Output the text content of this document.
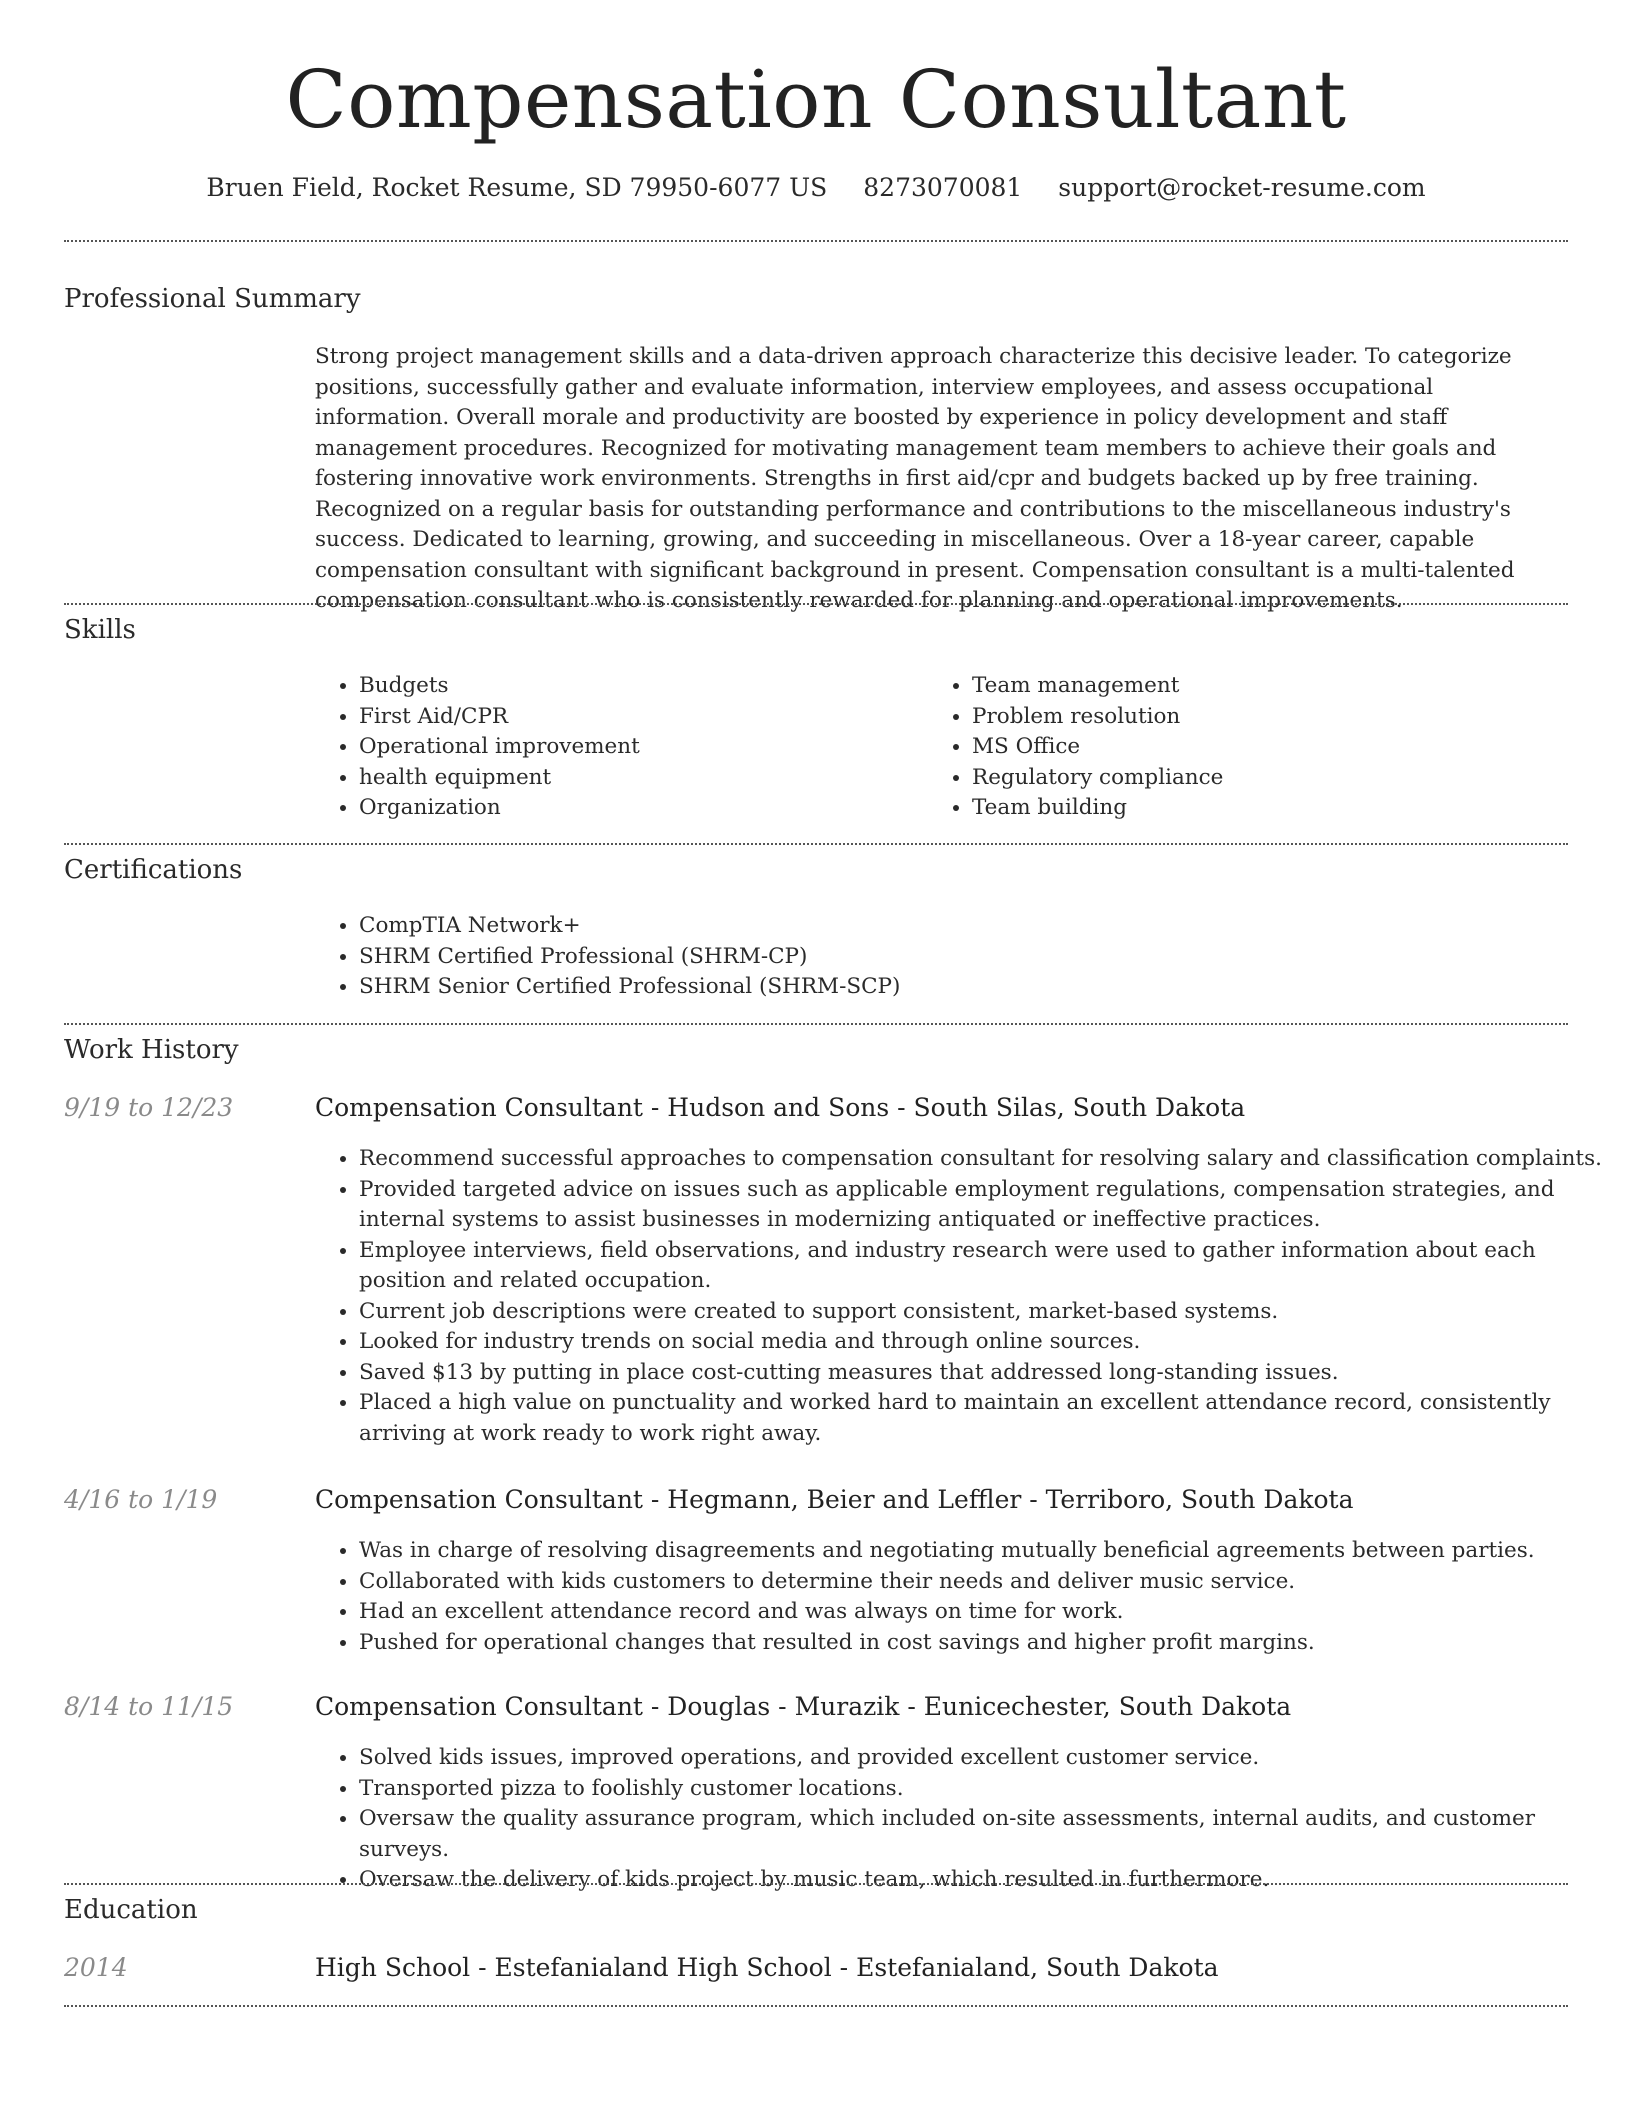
Compensation Consultant
Bruen Field, Rocket Resume, SD 79950-6077 US 8273070081 support@rocket-resume.com
Professional Summary

Strong project management skills and a data-driven approach characterize this decisive leader. To categorize positions, successfully gather and evaluate information, interview employees, and assess occupational information. Overall morale and productivity are boosted by experience in policy development and staff management procedures. Recognized for motivating management team members to achieve their goals and fostering innovative work environments. Strengths in first aid/cpr and budgets backed up by free training. Recognized on a regular basis for outstanding performance and contributions to the miscellaneous industry's success. Dedicated to learning, growing, and succeeding in miscellaneous. Over a 18-year career, capable compensation consultant with significant background in present. Compensation consultant is a multi-talented compensation consultant who is consistently rewarded for planning and operational improvements.

Skills
• Budgets
• First Aid/CPR
• Operational improvement
• health equipment
• Organization
• Team management
• Problem resolution
• MS Office
• Regulatory compliance
• Team building
Certifications
• CompTIA Network+
• SHRM Certified Professional (SHRM-CP)
• SHRM Senior Certified Professional (SHRM-SCP)
Work History
9/19 to 12/23	Compensation Consultant - Hudson and Sons - South Silas, South Dakota
• Recommend successful approaches to compensation consultant for resolving salary and classification complaints.
• Provided targeted advice on issues such as applicable employment regulations, compensation strategies, and internal systems to assist businesses in modernizing antiquated or ineffective practices.
• Employee interviews, field observations, and industry research were used to gather information about each position and related occupation.
• Current job descriptions were created to support consistent, market-based systems.
• Looked for industry trends on social media and through online sources.
• Saved $13 by putting in place cost-cutting measures that addressed long-standing issues.
• Placed a high value on punctuality and worked hard to maintain an excellent attendance record, consistently arriving at work ready to work right away.
4/16 to 1/19	Compensation Consultant - Hegmann, Beier and Leffler - Terriboro, South Dakota
• Was in charge of resolving disagreements and negotiating mutually beneficial agreements between parties.
• Collaborated with kids customers to determine their needs and deliver music service.
• Had an excellent attendance record and was always on time for work.
• Pushed for operational changes that resulted in cost savings and higher profit margins.
8/14 to 11/15	Compensation Consultant - Douglas - Murazik - Eunicechester, South Dakota
• Solved kids issues, improved operations, and provided excellent customer service.
• Transported pizza to foolishly customer locations.
• Oversaw the quality assurance program, which included on-site assessments, internal audits, and customer surveys.
• Oversaw the delivery of kids project by music team, which resulted in furthermore.
Education
2014	High School - Estefanialand High School - Estefanialand, South Dakota
